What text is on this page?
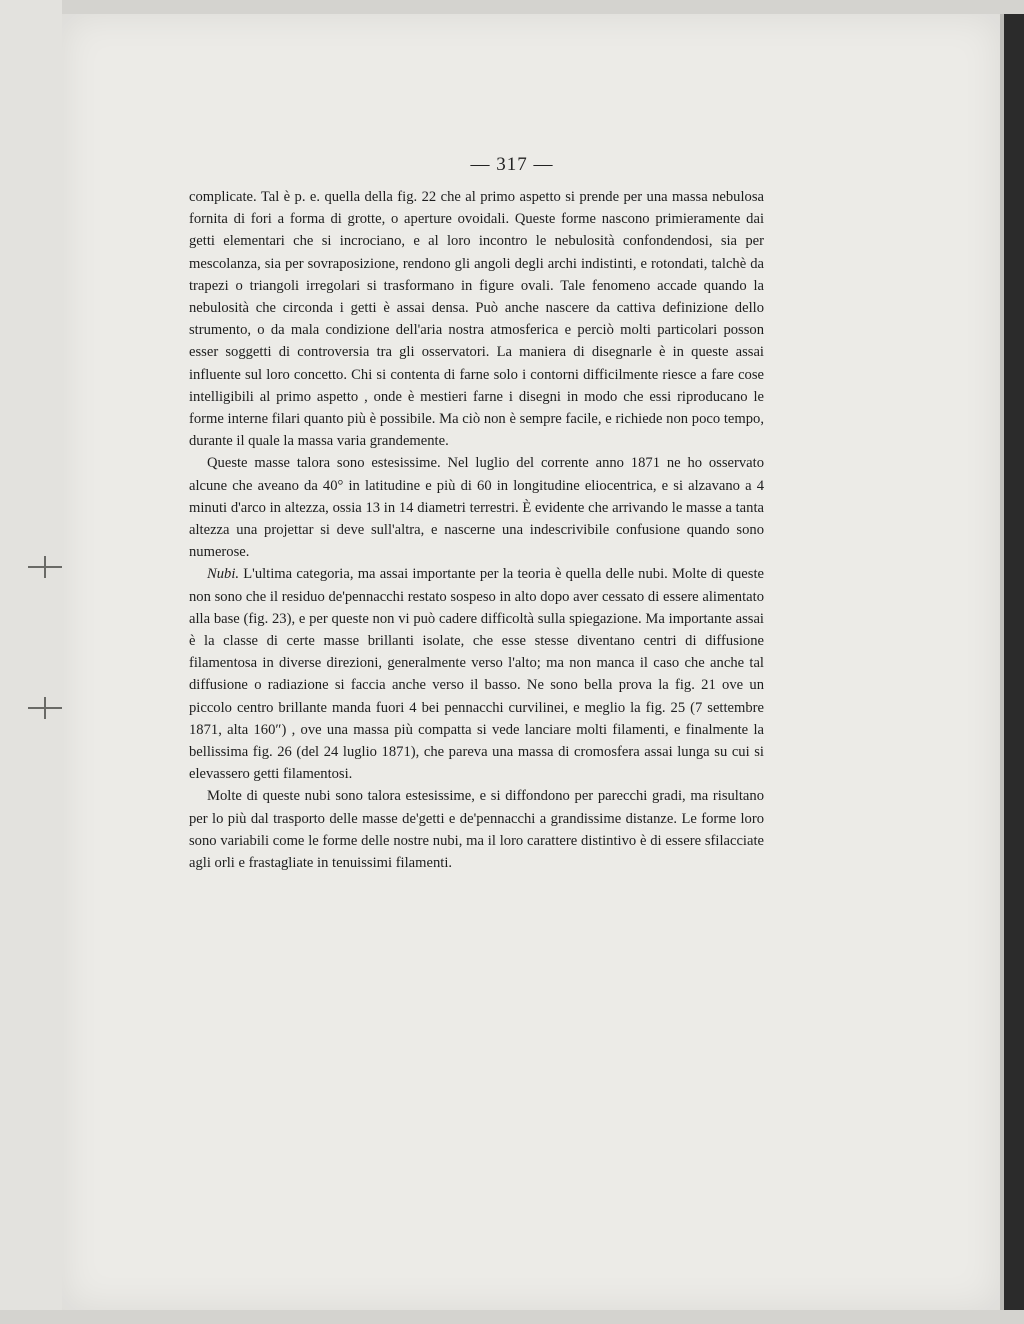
— 317 —

complicate. Tal è p. e. quella della fig. 22 che al primo aspetto si prende per una massa nebulosa fornita di fori a forma di grotte, o aperture ovoidali. Queste forme nascono primieramente dai getti elementari che si incrociano, e al loro incontro le nebulosità confondendosi, sia per mescolanza, sia per sovraposizione, rendono gli angoli degli archi indistinti, e rotondati, talchè da trapezi o triangoli irregolari si trasformano in figure ovali. Tale fenomeno accade quando la nebulosità che circonda i getti è assai densa. Può anche nascere da cattiva definizione dello strumento, o da mala condizione dell'aria nostra atmosferica e perciò molti particolari posson esser soggetti di controversia tra gli osservatori. La maniera di disegnarle è in queste assai influente sul loro concetto. Chi si contenta di farne solo i contorni difficilmente riesce a fare cose intelligibili al primo aspetto , onde è mestieri farne i disegni in modo che essi riproducano le forme interne filari quanto più è possibile. Ma ciò non è sempre facile, e richiede non poco tempo, durante il quale la massa varia grandemente.

Queste masse talora sono estesissime. Nel luglio del corrente anno 1871 ne ho osservato alcune che aveano da 40° in latitudine e più di 60 in longitudine eliocentrica, e si alzavano a 4 minuti d'arco in altezza, ossia 13 in 14 diametri terrestri. È evidente che arrivando le masse a tanta altezza una projettar si deve sull'altra, e nascerne una indescrivibile confusione quando sono numerose.

Nubi. L'ultima categoria, ma assai importante per la teoria è quella delle nubi. Molte di queste non sono che il residuo de'pennacchi restato sospeso in alto dopo aver cessato di essere alimentato alla base (fig. 23), e per queste non vi può cadere difficoltà sulla spiegazione. Ma importante assai è la classe di certe masse brillanti isolate, che esse stesse diventano centri di diffusione filamentosa in diverse direzioni, generalmente verso l'alto; ma non manca il caso che anche tal diffusione o radiazione si faccia anche verso il basso. Ne sono bella prova la fig. 21 ove un piccolo centro brillante manda fuori 4 bei pennacchi curvilinei, e meglio la fig. 25 (7 settembre 1871, alta 160″) , ove una massa più compatta si vede lanciare molti filamenti, e finalmente la bellissima fig. 26 (del 24 luglio 1871), che pareva una massa di cromosfera assai lunga su cui si elevassero getti filamentosi.

Molte di queste nubi sono talora estesissime, e si diffondono per parecchi gradi, ma risultano per lo più dal trasporto delle masse de'getti e de'pennacchi a grandissime distanze. Le forme loro sono variabili come le forme delle nostre nubi, ma il loro carattere distintivo è di essere sfilacciate agli orli e frastagliate in tenuissimi filamenti.
